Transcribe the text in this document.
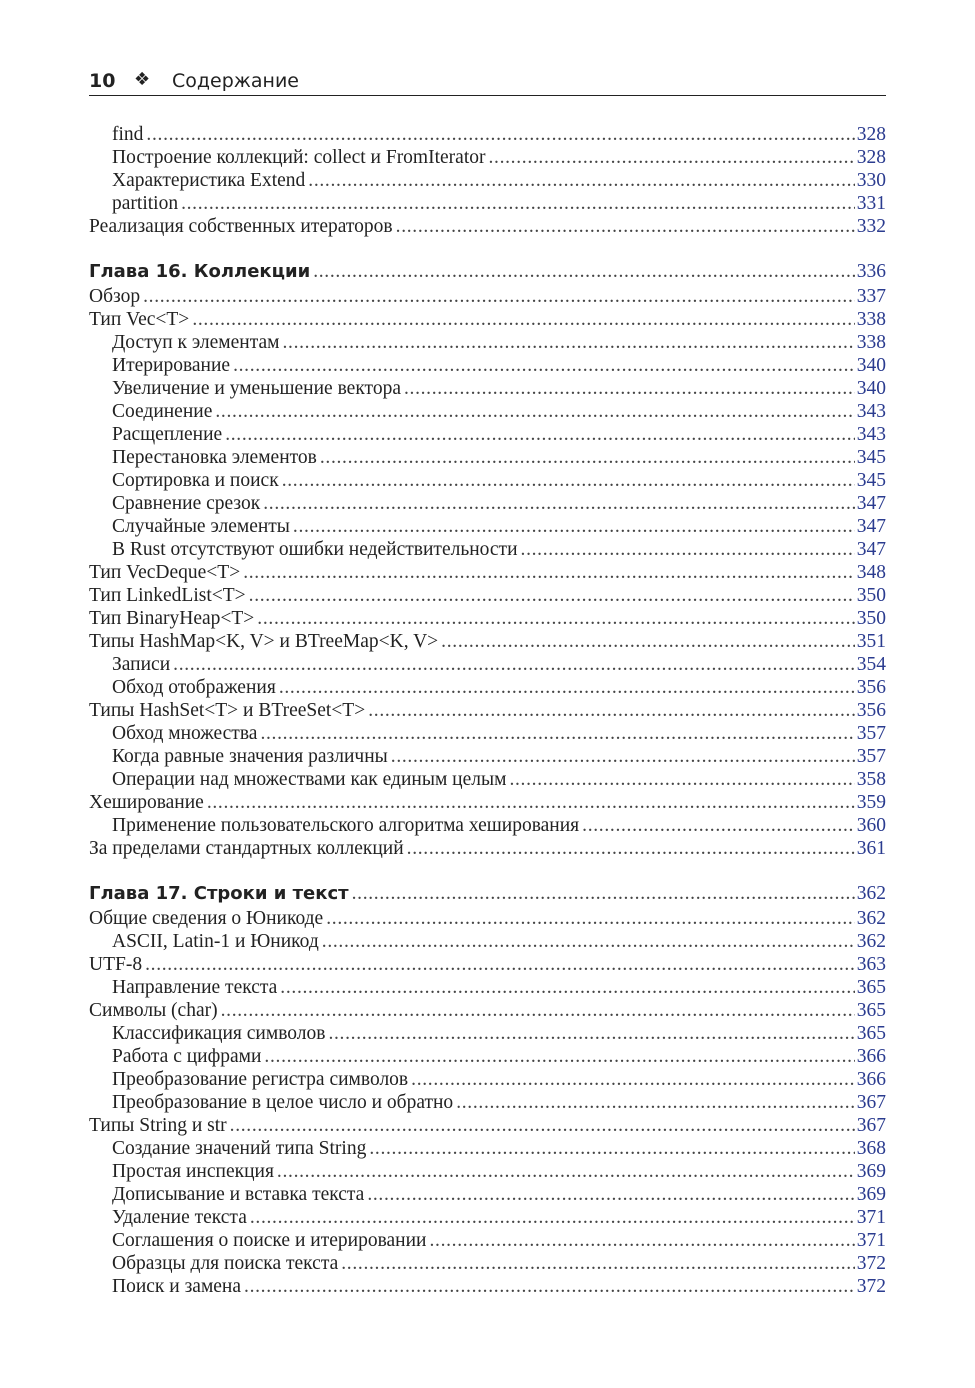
10 ❖ Содержание
find . . .	328
Построение коллекций: collect и FromIterator . . .	328
Характеристика Extend . . .	330
partition . . .	331
Реализация собственных итераторов . . .	332
Глава 16. Коллекции . . .	336
Обзор . . .	337
Тип Vec<T> . . .	338
Доступ к элементам . . .	338
Итерирование . . .	340
Увеличение и уменьшение вектора . . .	340
Соединение . . .	343
Расщепление . . .	343
Перестановка элементов . . .	345
Сортировка и поиск . . .	345
Сравнение срезок . . .	347
Случайные элементы . . .	347
В Rust отсутствуют ошибки недействительности . . .	347
Тип VecDeque<T> . . .	348
Тип LinkedList<T> . . .	350
Тип BinaryHeap<T> . . .	350
Типы HashMap<K, V> и BTreeMap<K, V> . . .	351
Записи . . .	354
Обход отображения . . .	356
Типы HashSet<T> и BTreeSet<T> . . .	356
Обход множества . . .	357
Когда равные значения различны . . .	357
Операции над множествами как единым целым . . .	358
Хеширование . . .	359
Применение пользовательского алгоритма хеширования . . .	360
За пределами стандартных коллекций . . .	361
Глава 17. Строки и текст . . .	362
Общие сведения о Юникоде . . .	362
ASCII, Latin-1 и Юникод . . .	362
UTF-8 . . .	363
Направление текста . . .	365
Символы (char) . . .	365
Классификация символов . . .	365
Работа с цифрами . . .	366
Преобразование регистра символов . . .	366
Преобразование в целое число и обратно . . .	367
Типы String и str . . .	367
Создание значений типа String . . .	368
Простая инспекция . . .	369
Дописывание и вставка текста . . .	369
Удаление текста . . .	371
Соглашения о поиске и итерировании . . .	371
Образцы для поиска текста . . .	372
Поиск и замена . . .	372
